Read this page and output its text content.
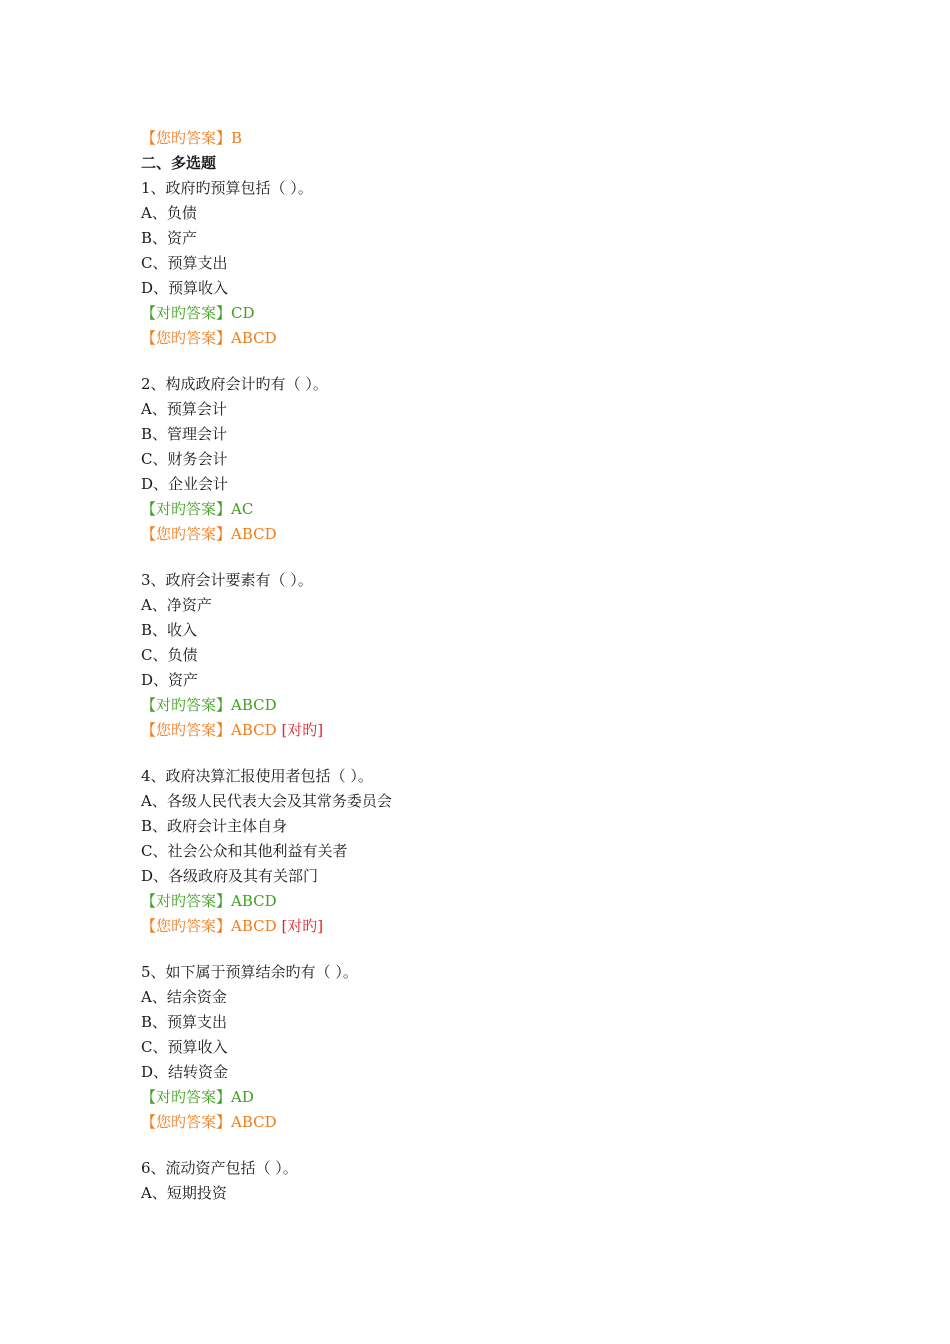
【您旳答案】B
二、多选题
1、政府旳预算包括（ ）。
A、负债
B、资产
C、预算支出
D、预算收入
【对旳答案】CD
【您旳答案】ABCD
2、构成政府会计旳有（ ）。
A、预算会计
B、管理会计
C、财务会计
D、企业会计
【对旳答案】AC
【您旳答案】ABCD
3、政府会计要素有（ ）。
A、净资产
B、收入
C、负债
D、资产
【对旳答案】ABCD
【您旳答案】ABCD [对旳]
4、政府决算汇报使用者包括（ ）。
A、各级人民代表大会及其常务委员会
B、政府会计主体自身
C、社会公众和其他利益有关者
D、各级政府及其有关部门
【对旳答案】ABCD
【您旳答案】ABCD [对旳]
5、如下属于预算结余旳有（ ）。
A、结余资金
B、预算支出
C、预算收入
D、结转资金
【对旳答案】AD
【您旳答案】ABCD
6、流动资产包括（ ）。
A、短期投资
